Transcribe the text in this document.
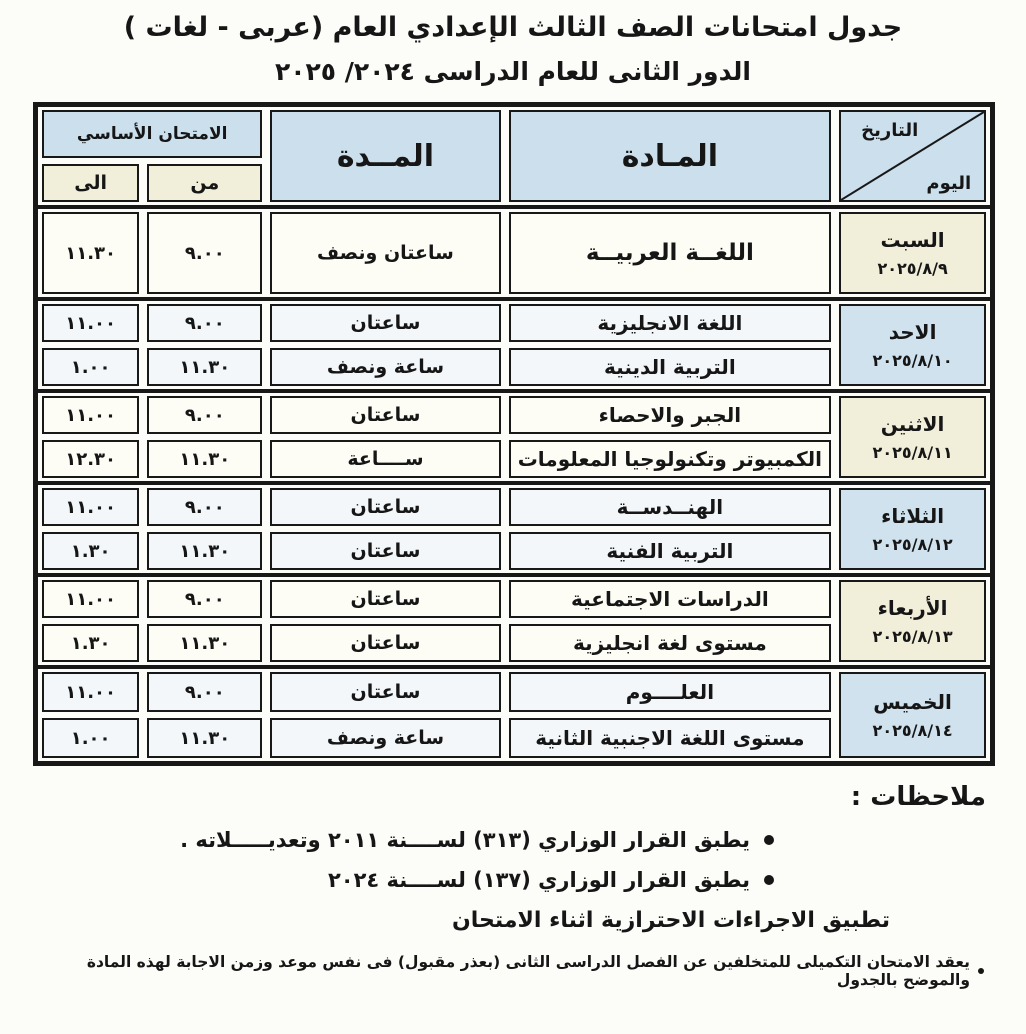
جدول امتحانات الصف الثالث الإعدادي العام (عربى - لغات )
الدور الثانى للعام الدراسى ٢٠٢٤/ ٢٠٢٥
التاريخ
اليوم
المـادة
المــدة
الامتحان الأساسي
من
الى
السبت
٢٠٢٥/٨/٩
اللغــة العربيــة
ساعتان ونصف
٩.٠٠
١١.٣٠
الاحد
٢٠٢٥/٨/١٠
اللغة الانجليزية
ساعتان
٩.٠٠
١١.٠٠
التربية الدينية
ساعة ونصف
١١.٣٠
١.٠٠
الاثنين
٢٠٢٥/٨/١١
الجبر والاحصاء
ساعتان
٩.٠٠
١١.٠٠
الكمبيوتر وتكنولوجيا المعلومات
ســــاعة
١١.٣٠
١٢.٣٠
الثلاثاء
٢٠٢٥/٨/١٢
الهنــدســة
ساعتان
٩.٠٠
١١.٠٠
التربية الفنية
ساعتان
١١.٣٠
١.٣٠
الأربعاء
٢٠٢٥/٨/١٣
الدراسات الاجتماعية
ساعتان
٩.٠٠
١١.٠٠
مستوى لغة انجليزية
ساعتان
١١.٣٠
١.٣٠
الخميس
٢٠٢٥/٨/١٤
العلــــوم
ساعتان
٩.٠٠
١١.٠٠
مستوى اللغة الاجنبية الثانية
ساعة ونصف
١١.٣٠
١.٠٠
ملاحظات :
يطبق القرار الوزاري (٣١٣) لســــنة ٢٠١١ وتعديـــــلاته .
يطبق القرار الوزاري (١٣٧) لســــنة ٢٠٢٤
تطبيق الاجراءات الاحترازية اثناء الامتحان
يعقد الامتحان التكميلى للمتخلفين عن الفصل الدراسى الثانى (بعذر مقبول) فى نفس موعد وزمن الاجابة لهذه المادة والموضح بالجدول
